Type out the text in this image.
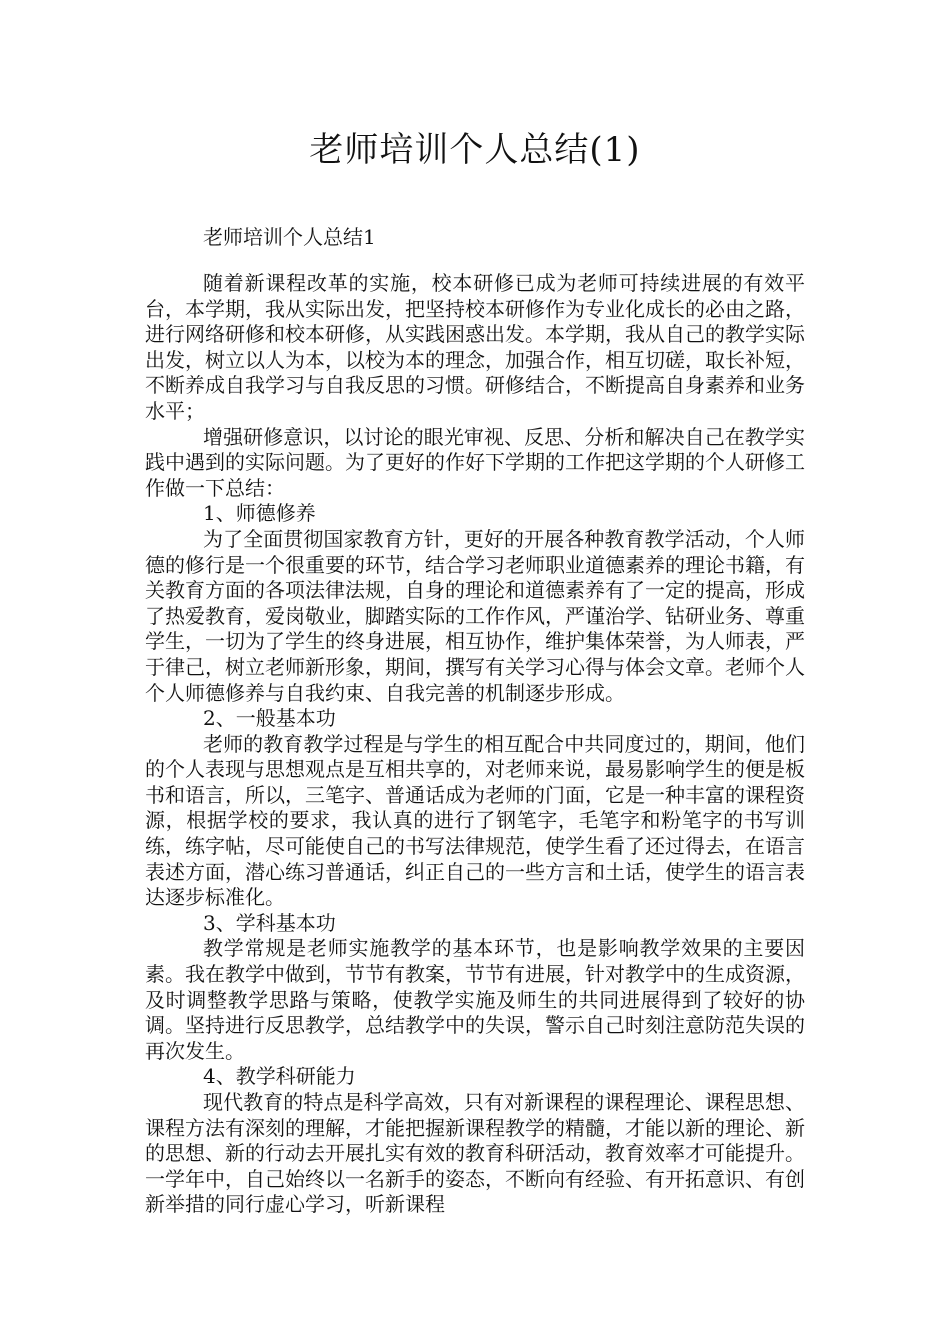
老师培训个人总结(1)

老师培训个人总结1

随着新课程改革的实施，校本研修已成为老师可持续进展的有效平台，本学期，我从实际出发，把坚持校本研修作为专业化成长的必由之路，进行网络研修和校本研修，从实践困惑出发。本学期，我从自己的教学实际出发，树立以人为本，以校为本的理念，加强合作，相互切磋，取长补短，不断养成自我学习与自我反思的习惯。研修结合，不断提高自身素养和业务水平；

增强研修意识，以讨论的眼光审视、反思、分析和解决自己在教学实践中遇到的实际问题。为了更好的作好下学期的工作把这学期的个人研修工作做一下总结：

1、师德修养

为了全面贯彻国家教育方针，更好的开展各种教育教学活动，个人师德的修行是一个很重要的环节，结合学习老师职业道德素养的理论书籍，有关教育方面的各项法律法规，自身的理论和道德素养有了一定的提高，形成了热爱教育，爱岗敬业，脚踏实际的工作作风，严谨治学、钻研业务、尊重学生，一切为了学生的终身进展，相互协作，维护集体荣誉，为人师表，严于律己，树立老师新形象，期间，撰写有关学习心得与体会文章。老师个人个人师德修养与自我约束、自我完善的机制逐步形成。

2、一般基本功

老师的教育教学过程是与学生的相互配合中共同度过的，期间，他们的个人表现与思想观点是互相共享的，对老师来说，最易影响学生的便是板书和语言，所以，三笔字、普通话成为老师的门面，它是一种丰富的课程资源，根据学校的要求，我认真的进行了钢笔字，毛笔字和粉笔字的书写训练，练字帖，尽可能使自己的书写法律规范，使学生看了还过得去，在语言表述方面，潜心练习普通话，纠正自己的一些方言和土话，使学生的语言表达逐步标准化。

3、学科基本功

教学常规是老师实施教学的基本环节，也是影响教学效果的主要因素。我在教学中做到，节节有教案，节节有进展，针对教学中的生成资源，及时调整教学思路与策略，使教学实施及师生的共同进展得到了较好的协调。坚持进行反思教学，总结教学中的失误，警示自己时刻注意防范失误的再次发生。

4、教学科研能力

现代教育的特点是科学高效，只有对新课程的课程理论、课程思想、课程方法有深刻的理解，才能把握新课程教学的精髓，才能以新的理论、新的思想、新的行动去开展扎实有效的教育科研活动，教育效率才可能提升。一学年中，自己始终以一名新手的姿态，不断向有经验、有开拓意识、有创新举措的同行虚心学习，听新课程
